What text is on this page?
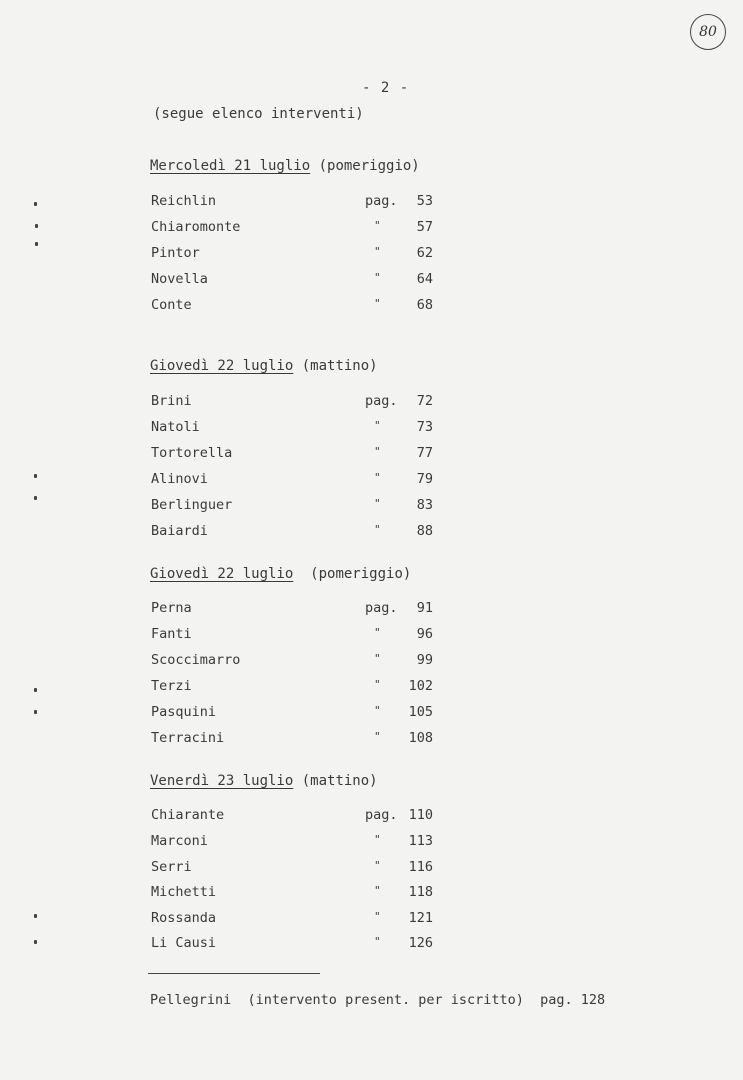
80
- 2 -
(segue elenco interventi)
Mercoledì 21 luglio (pomeriggio)
Reichlin	pag. 53
Chiaromonte	"	57
Pintor	"	62
Novella	"	64
Conte	"	68
Giovedì 22 luglio (mattino)
Brini	pag. 72
Natoli	"	73
Tortorella	"	77
Alinovi	"	79
Berlinguer	"	83
Baiardi	"	88
Giovedì 22 luglio  (pomeriggio)
Perna	pag. 91
Fanti	"	96
Scoccimarro	"	99
Terzi	" 102
Pasquini	" 105
Terracini	" 108
Venerdì 23 luglio (mattino)
Chiarante	pag. 110
Marconi	" 113
Serri	" 116
Michetti	" 118
Rossanda	" 121
Li Causi	" 126
Pellegrini  (intervento present. per iscritto)  pag. 128
